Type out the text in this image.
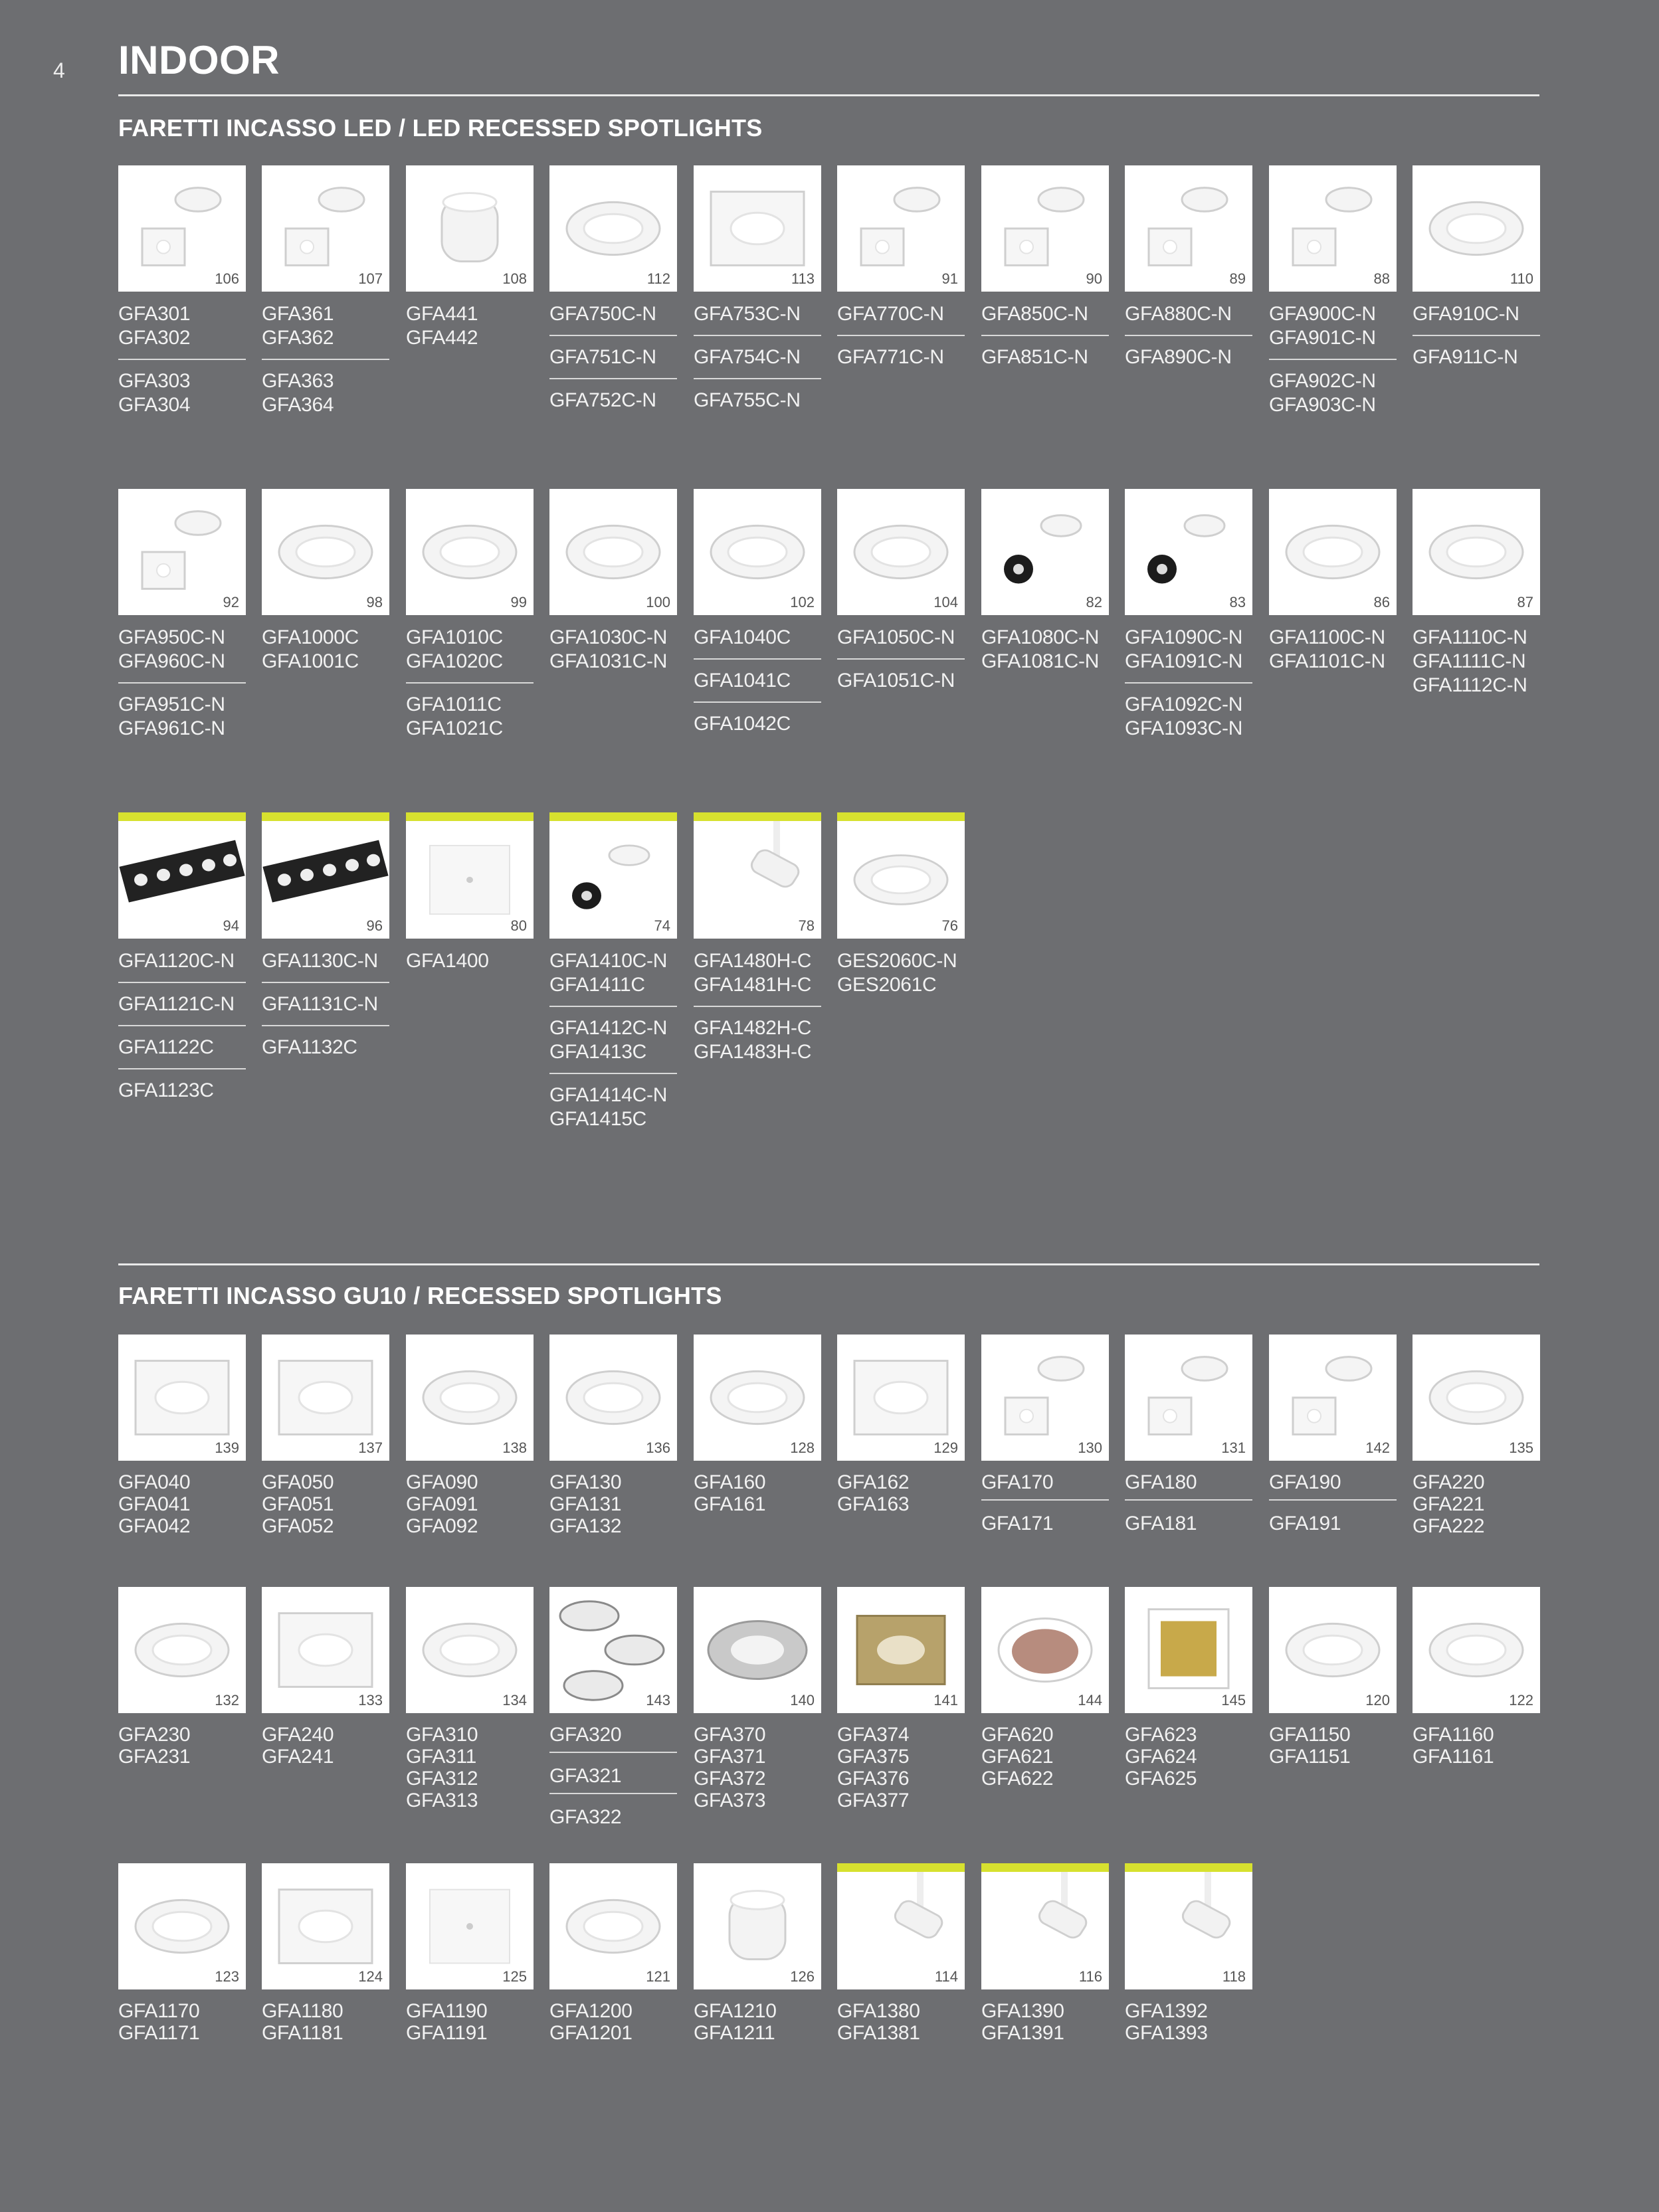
4 INDOOR
FARETTI INCASSO LED / LED RECESSED SPOTLIGHTS
FARETTI INCASSO GU10 / RECESSED SPOTLIGHTS
106
GFA301
GFA302
GFA303
GFA304
107
GFA361
GFA362
GFA363
GFA364
108
GFA441
GFA442
112
GFA750C-N
GFA751C-N
GFA752C-N
113
GFA753C-N
GFA754C-N
GFA755C-N
91
GFA770C-N
GFA771C-N
90
GFA850C-N
GFA851C-N
89
GFA880C-N
GFA890C-N
88
GFA900C-N
GFA901C-N
GFA902C-N
GFA903C-N
110
GFA910C-N
GFA911C-N
92
GFA950C-N
GFA960C-N
GFA951C-N
GFA961C-N
98
GFA1000C
GFA1001C
99
GFA1010C
GFA1020C
GFA1011C
GFA1021C
100
GFA1030C-N
GFA1031C-N
102
GFA1040C
GFA1041C
GFA1042C
104
GFA1050C-N
GFA1051C-N
82
GFA1080C-N
GFA1081C-N
83
GFA1090C-N
GFA1091C-N
GFA1092C-N
GFA1093C-N
86
GFA1100C-N
GFA1101C-N
87
GFA1110C-N
GFA1111C-N
GFA1112C-N
94
GFA1120C-N
GFA1121C-N
GFA1122C
GFA1123C
96
GFA1130C-N
GFA1131C-N
GFA1132C
80
GFA1400
74
GFA1410C-N
GFA1411C
GFA1412C-N
GFA1413C
GFA1414C-N
GFA1415C
78
GFA1480H-C
GFA1481H-C
GFA1482H-C
GFA1483H-C
76
GES2060C-N
GES2061C
139
GFA040
GFA041
GFA042
137
GFA050
GFA051
GFA052
138
GFA090
GFA091
GFA092
136
GFA130
GFA131
GFA132
128
GFA160
GFA161
129
GFA162
GFA163
130
GFA170
GFA171
131
GFA180
GFA181
142
GFA190
GFA191
135
GFA220
GFA221
GFA222
132
GFA230
GFA231
133
GFA240
GFA241
134
GFA310
GFA311
GFA312
GFA313
143
GFA320
GFA321
GFA322
140
GFA370
GFA371
GFA372
GFA373
141
GFA374
GFA375
GFA376
GFA377
144
GFA620
GFA621
GFA622
145
GFA623
GFA624
GFA625
120
GFA1150
GFA1151
122
GFA1160
GFA1161
123
GFA1170
GFA1171
124
GFA1180
GFA1181
125
GFA1190
GFA1191
121
GFA1200
GFA1201
126
GFA1210
GFA1211
114
GFA1380
GFA1381
116
GFA1390
GFA1391
118
GFA1392
GFA1393
